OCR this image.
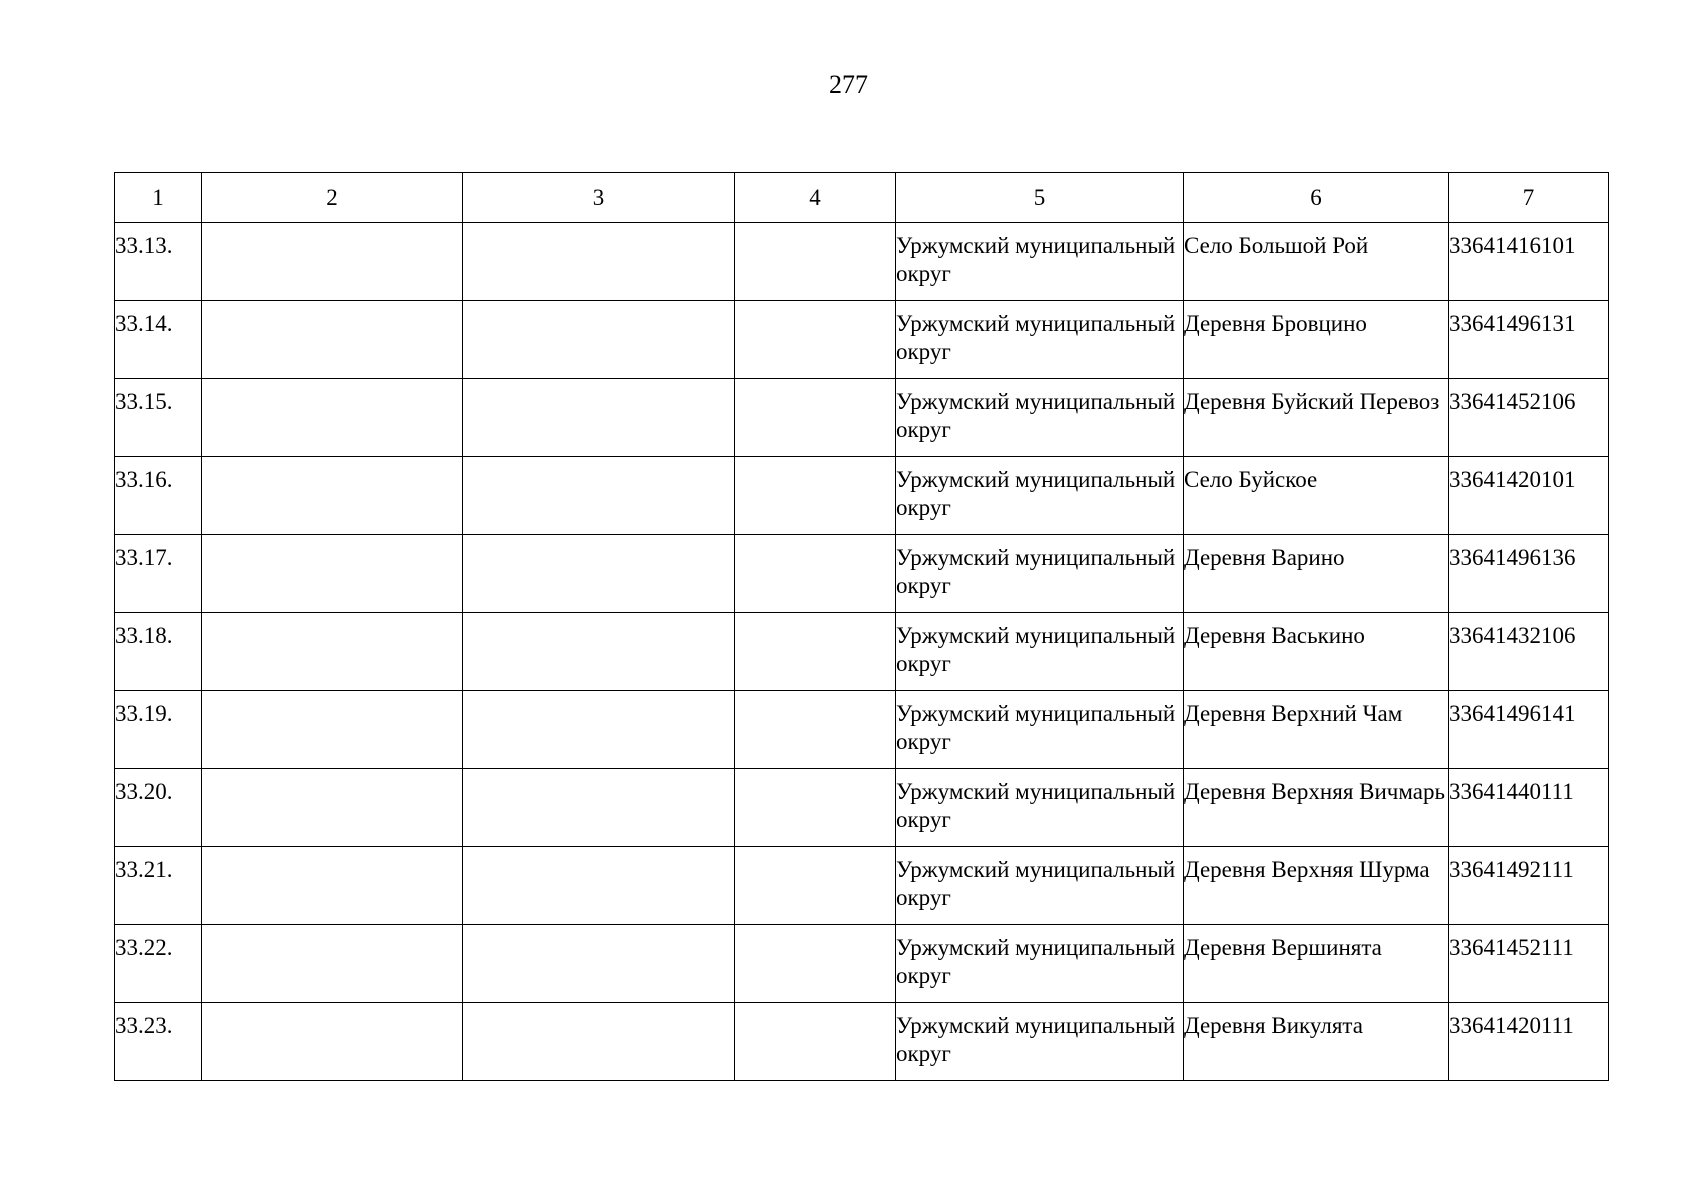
277
1	2	3	4	5	6	7
33.13.				Уржумский муниципальный округ	Село Большой Рой	33641416101
33.14.				Уржумский муниципальный округ	Деревня Бровцино	33641496131
33.15.				Уржумский муниципальный округ	Деревня Буйский Перевоз	33641452106
33.16.				Уржумский муниципальный округ	Село Буйское	33641420101
33.17.				Уржумский муниципальный округ	Деревня Варино	33641496136
33.18.				Уржумский муниципальный округ	Деревня Васькино	33641432106
33.19.				Уржумский муниципальный округ	Деревня Верхний Чам	33641496141
33.20.				Уржумский муниципальный округ	Деревня Верхняя Вичмарь	33641440111
33.21.				Уржумский муниципальный округ	Деревня Верхняя Шурма	33641492111
33.22.				Уржумский муниципальный округ	Деревня Вершинята	33641452111
33.23.				Уржумский муниципальный округ	Деревня Викулята	33641420111
